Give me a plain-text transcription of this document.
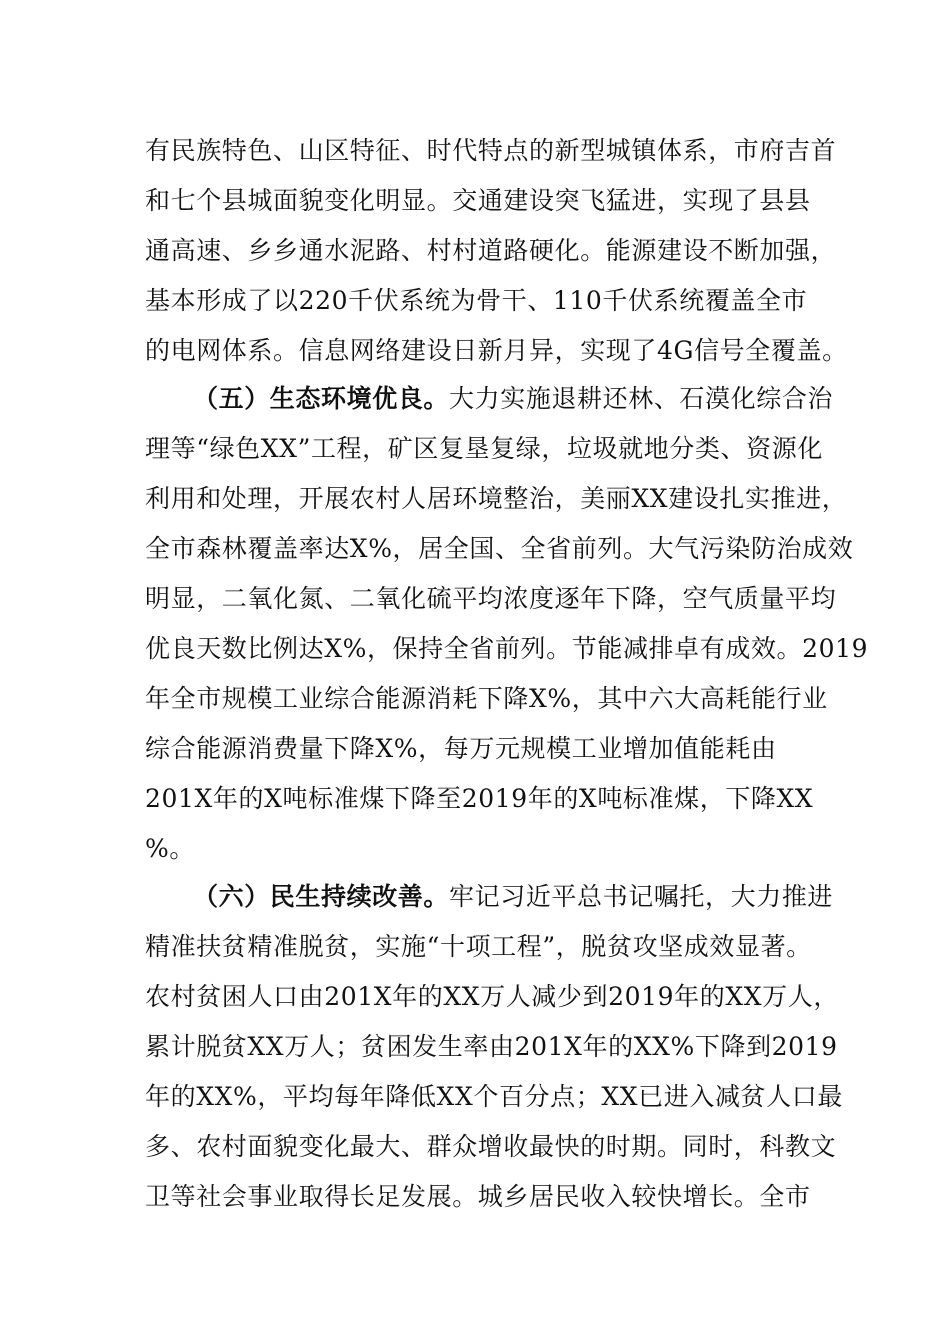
有民族特色、山区特征、时代特点的新型城镇体系，市府吉首
和七个县城面貌变化明显。交通建设突飞猛进，实现了县县
通高速、乡乡通水泥路、村村道路硬化。能源建设不断加强，
基本形成了以220千伏系统为骨干、110千伏系统覆盖全市
的电网体系。信息网络建设日新月异，实现了4G信号全覆盖。
（五）生态环境优良。大力实施退耕还林、石漠化综合治
理等“绿色XX”工程，矿区复垦复绿，垃圾就地分类、资源化
利用和处理，开展农村人居环境整治，美丽XX建设扎实推进，
全市森林覆盖率达X%，居全国、全省前列。大气污染防治成效
明显，二氧化氮、二氧化硫平均浓度逐年下降，空气质量平均
优良天数比例达X%，保持全省前列。节能减排卓有成效。2019
年全市规模工业综合能源消耗下降X%，其中六大高耗能行业
综合能源消费量下降X%，每万元规模工业增加值能耗由
201X年的X吨标准煤下降至2019年的X吨标准煤，下降XX
%。
（六）民生持续改善。牢记习近平总书记嘱托，大力推进
精准扶贫精准脱贫，实施“十项工程”，脱贫攻坚成效显著。
农村贫困人口由201X年的XX万人减少到2019年的XX万人，
累计脱贫XX万人；贫困发生率由201X年的XX%下降到2019
年的XX%，平均每年降低XX个百分点；XX已进入减贫人口最
多、农村面貌变化最大、群众增收最快的时期。同时，科教文
卫等社会事业取得长足发展。城乡居民收入较快增长。全市
